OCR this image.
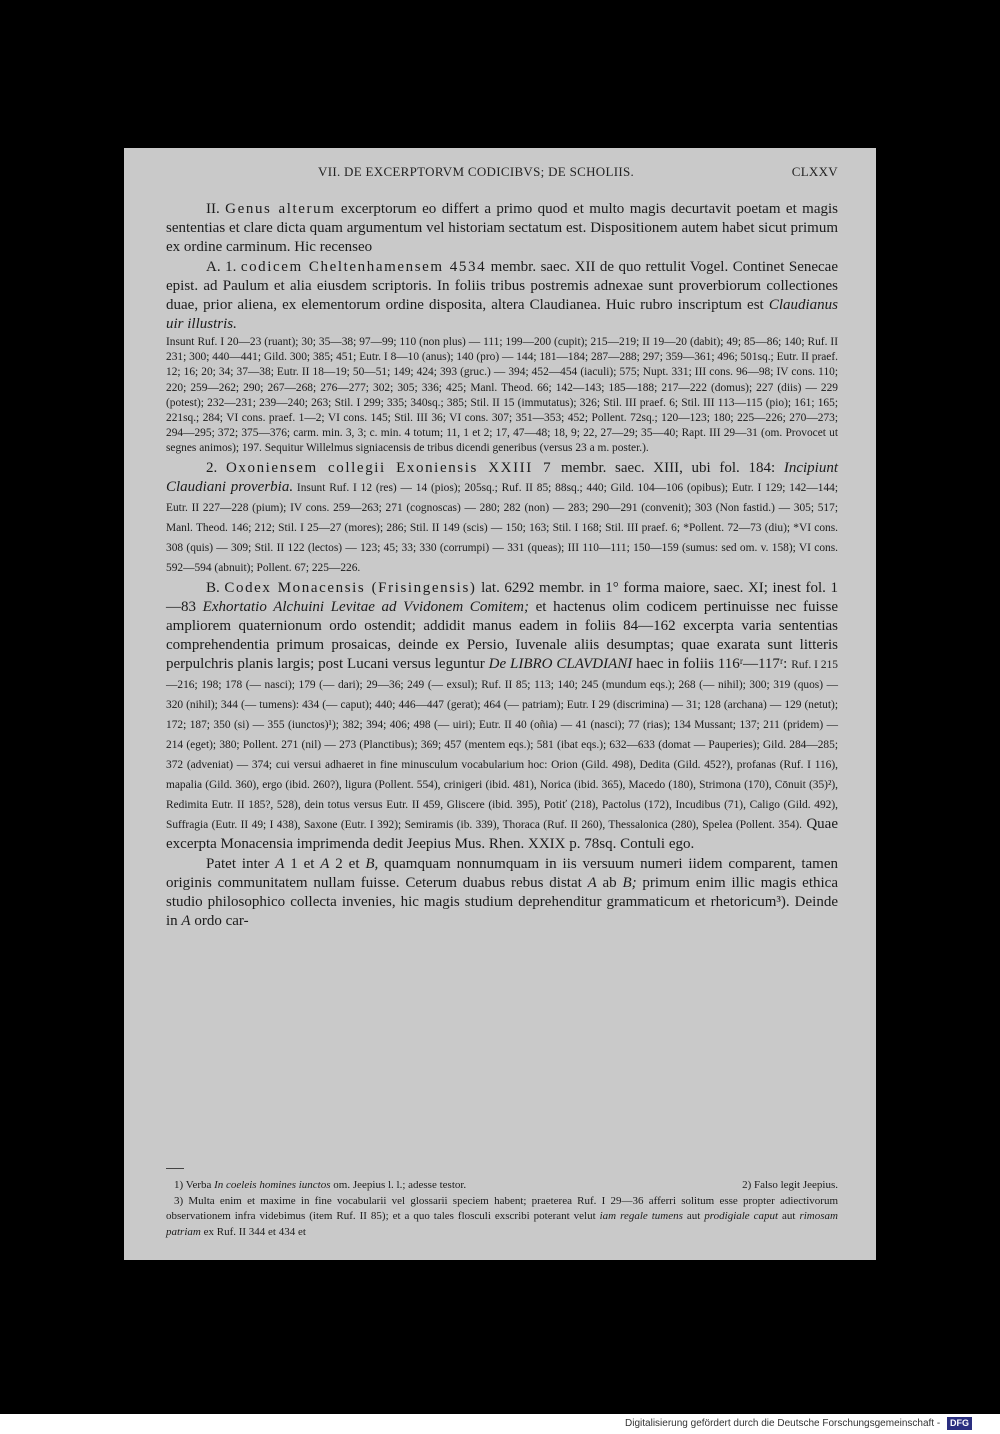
VII. DE EXCERPTORVM CODICIBVS; DE SCHOLIIS.	CLXXV

II. Genus alterum excerptorum eo differt a primo quod et multo magis decurtavit poetam et magis sententias et clare dicta quam argumentum vel historiam sectatum est. Dispositionem autem habet sicut primum ex ordine carminum. Hic recenseo

A. 1. codicem Cheltenhamensem 4534 membr. saec. XII de quo rettulit Vogel. Continet Senecae epist. ad Paulum et alia eiusdem scriptoris. In foliis tribus postremis adnexae sunt proverbiorum collectiones duae, prior aliena, ex elementorum ordine disposita, altera Claudianea. Huic rubro inscriptum est Claudianus uir illustris.

Insunt Ruf. I 20—23 (ruant); 30; 35—38; 97—99; 110 (non plus) — 111; 199—200 (cupit); 215—219; II 19—20 (dabit); 49; 85—86; 140; Ruf. II 231; 300; 440—441; Gild. 300; 385; 451; Eutr. I 8—10 (anus); 140 (pro) — 144; 181—184; 287—288; 297; 359—361; 496; 501sq.; Eutr. II praef. 12; 16; 20; 34; 37—38; Eutr. II 18—19; 50—51; 149; 424; 393 (gruc.) — 394; 452—454 (iaculi); 575; Nupt. 331; III cons. 96—98; IV cons. 110; 220; 259—262; 290; 267—268; 276—277; 302; 305; 336; 425; Manl. Theod. 66; 142—143; 185—188; 217—222 (domus); 227 (diis) — 229 (potest); 232—231; 239—240; 263; Stil. I 299; 335; 340sq.; 385; Stil. II 15 (immutatus); 326; Stil. III praef. 6; Stil. III 113—115 (pio); 161; 165; 221sq.; 284; VI cons. praef. 1—2; VI cons. 145; Stil. III 36; VI cons. 307; 351—353; 452; Pollent. 72sq.; 120—123; 180; 225—226; 270—273; 294—295; 372; 375—376; carm. min. 3, 3; c. min. 4 totum; 11, 1 et 2; 17, 47—48; 18, 9; 22, 27—29; 35—40; Rapt. III 29—31 (om. Provocet ut segnes animos); 197. Sequitur Willelmus signiacensis de tribus dicendi generibus (versus 23 a m. poster.).

2. Oxoniensem collegii Exoniensis XXIII 7 membr. saec. XIII, ubi fol. 184: Incipiunt Claudiani proverbia. Insunt Ruf. I 12 (res) — 14 (pios); 205sq.; Ruf. II 85; 88sq.; 440; Gild. 104—106 (opibus); Eutr. I 129; 142—144; Eutr. II 227—228 (pium); IV cons. 259—263; 271 (cognoscas) — 280; 282 (non) — 283; 290—291 (convenit); 303 (Non fastid.) — 305; 517; Manl. Theod. 146; 212; Stil. I 25—27 (mores); 286; Stil. II 149 (scis) — 150; 163; Stil. I 168; Stil. III praef. 6; *Pollent. 72—73 (diu); *VI cons. 308 (quis) — 309; Stil. II 122 (lectos) — 123; 45; 33; 330 (corrumpi) — 331 (queas); III 110—111; 150—159 (sumus: sed om. v. 158); VI cons. 592—594 (abnuit); Pollent. 67; 225—226.

B. Codex Monacensis (Frisingensis) lat. 6292 membr. in 1° forma maiore, saec. XI; inest fol. 1—83 Exhortatio Alchuini Levitae ad Vvidonem Comitem; et hactenus olim codicem pertinuisse nec fuisse ampliorem quaternionum ordo ostendit; addidit manus eadem in foliis 84—162 excerpta varia sententias comprehendentia primum prosaicas, deinde ex Persio, Iuvenale aliis desumptas; quae exarata sunt litteris perpulchris planis largis; post Lucani versus leguntur De LIBRO CLAVDIANI haec in foliis 116ʳ—117ʳ: Ruf. I 215—216; 198; 178 (— nasci); 179 (— dari); 29—36; 249 (— exsul); Ruf. II 85; 113; 140; 245 (mundum eqs.); 268 (— nihil); 300; 319 (quos) — 320 (nihil); 344 (— tumens): 434 (— caput); 440; 446—447 (gerat); 464 (— patriam); Eutr. I 29 (discrimina) — 31; 128 (archana) — 129 (netut); 172; 187; 350 (si) — 355 (iunctos)¹); 382; 394; 406; 498 (— uiri); Eutr. II 40 (oñia) — 41 (nasci); 77 (rias); 134 Mussant; 137; 211 (pridem) — 214 (eget); 380; Pollent. 271 (nil) — 273 (Planctibus); 369; 457 (mentem eqs.); 581 (ibat eqs.); 632—633 (domat — Pauperies); Gild. 284—285; 372 (adveniat) — 374; cui versui adhaeret in fine minusculum vocabularium hoc: Orion (Gild. 498), Dedita (Gild. 452?), profanas (Ruf. I 116), mapalia (Gild. 360), ergo (ibid. 260?), ligura (Pollent. 554), crinigeri (ibid. 481), Norica (ibid. 365), Macedo (180), Strimona (170), Cōnuit (35)²), Redimita Eutr. II 185?, 528), dein totus versus Eutr. II 459, Gliscere (ibid. 395), Potiť (218), Pactolus (172), Incudibus (71), Caligo (Gild. 492), Suffragia (Eutr. II 49; I 438), Saxone (Eutr. I 392); Semiramis (ib. 339), Thoraca (Ruf. II 260), Thessalonica (280), Spelea (Pollent. 354). Quae excerpta Monacensia imprimenda dedit Jeepius Mus. Rhen. XXIX p. 78sq. Contuli ego.

Patet inter A 1 et A 2 et B, quamquam nonnumquam in iis versuum numeri iidem comparent, tamen originis communitatem nullam fuisse. Ceterum duabus rebus distat A ab B; primum enim illic magis ethica studio philosophico collecta invenies, hic magis studium deprehenditur grammaticum et rhetoricum³). Deinde in A ordo car-

1) Verba In coeleis homines iunctos om. Jeepius l. l.; adesse testor.	2) Falso legit Jeepius.

3) Multa enim et maxime in fine vocabularii vel glossarii speciem habent; praeterea Ruf. I 29—36 afferri solitum esse propter adiectivorum observationem infra videbimus (item Ruf. II 85); et a quo tales flosculi exscribi poterant velut iam regale tumens aut prodigiale caput aut rimosam patriam ex Ruf. II 344 et 434 et

Digitalisierung gefördert durch die Deutsche Forschungsgemeinschaft - DFG
